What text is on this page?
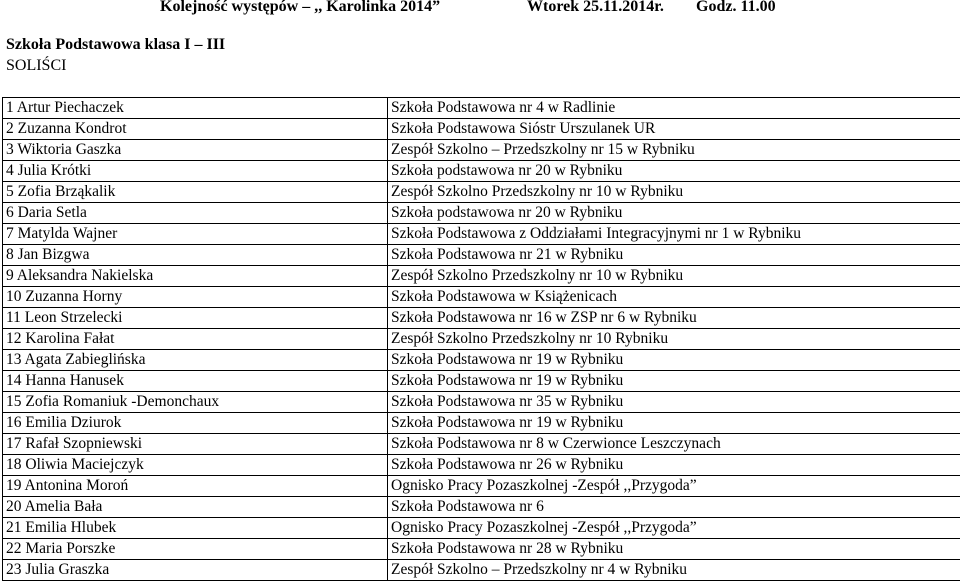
Kolejność występów – ,, Karolinka 2014”	Wtorek 25.11.2014r. Godz. 11.00
Szkoła Podstawowa klasa I – III
SOLIŚCI
1 Artur Piechaczek	Szkoła Podstawowa nr 4 w Radlinie
2 Zuzanna Kondrot	Szkoła Podstawowa Sióstr Urszulanek UR
3 Wiktoria Gaszka	Zespół Szkolno – Przedszkolny nr 15 w Rybniku
4 Julia Krótki	Szkoła podstawowa nr 20 w Rybniku
5 Zofia Brząkalik	Zespół Szkolno Przedszkolny nr 10 w Rybniku
6 Daria Setla	Szkoła podstawowa nr 20 w Rybniku
7 Matylda Wajner	Szkoła Podstawowa z Oddziałami Integracyjnymi nr 1 w Rybniku
8 Jan Bizgwa	Szkoła Podstawowa nr 21 w Rybniku
9 Aleksandra Nakielska	Zespół Szkolno Przedszkolny nr 10 w Rybniku
10 Zuzanna Horny	Szkoła Podstawowa w Książenicach
11 Leon Strzelecki	Szkoła Podstawowa nr 16 w ZSP nr 6 w Rybniku
12 Karolina Fałat	Zespół Szkolno Przedszkolny nr 10 Rybniku
13 Agata Zabieglińska	Szkoła Podstawowa nr 19 w Rybniku
14 Hanna Hanusek	Szkoła Podstawowa nr 19 w Rybniku
15 Zofia Romaniuk -Demonchaux	Szkoła Podstawowa nr 35 w Rybniku
16 Emilia Dziurok	Szkoła Podstawowa nr 19 w Rybniku
17 Rafał Szopniewski	Szkoła Podstawowa nr 8 w Czerwionce Leszczynach
18 Oliwia Maciejczyk	Szkoła Podstawowa nr 26 w Rybniku
19 Antonina Moroń	Ognisko Pracy Pozaszkolnej -Zespół ,,Przygoda”
20 Amelia Bała	Szkoła Podstawowa nr 6
21 Emilia Hlubek	Ognisko Pracy Pozaszkolnej -Zespół ,,Przygoda”
22 Maria Porszke	Szkoła Podstawowa nr 28 w Rybniku
23 Julia Graszka	Zespół Szkolno – Przedszkolny nr 4 w Rybniku
